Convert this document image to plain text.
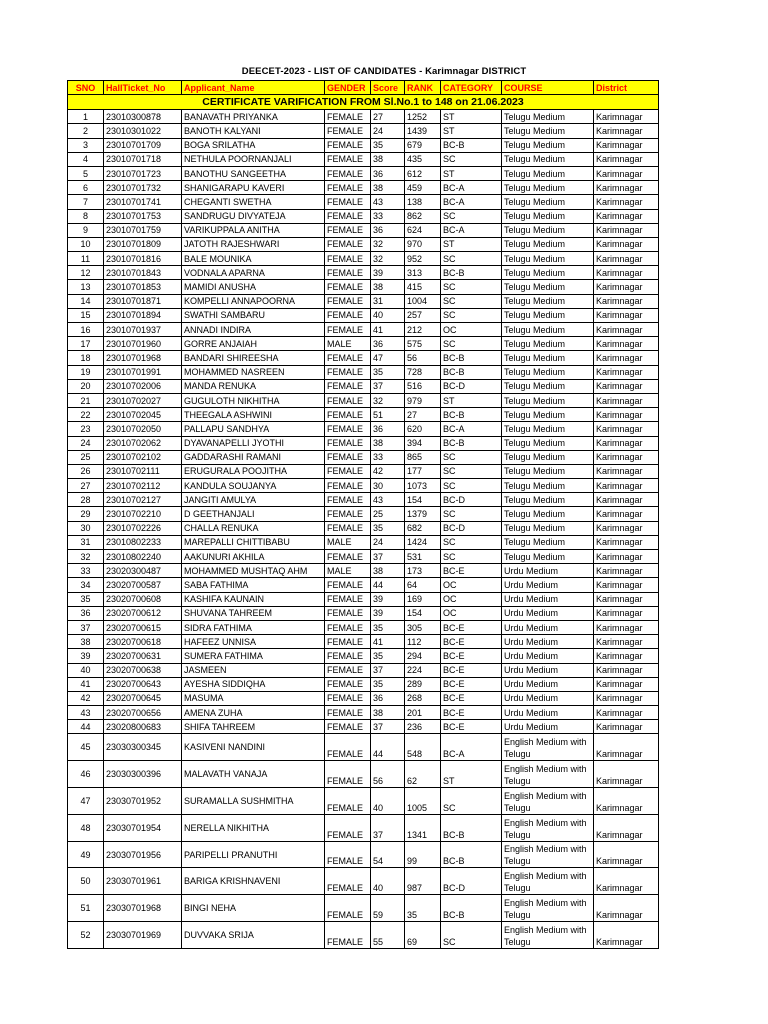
DEECET-2023 - LIST OF CANDIDATES - Karimnagar DISTRICT
SNO	HallTicket_No	Applicant_Name	GENDER	Score	RANK	CATEGORY	COURSE	District
CERTIFICATE VARIFICATION FROM Sl.No.1 to 148 on 21.06.2023								
1	23010300878	BANAVATH PRIYANKA	FEMALE	27	1252	ST	Telugu Medium	Karimnagar
2	23010301022	BANOTH KALYANI	FEMALE	24	1439	ST	Telugu Medium	Karimnagar
3	23010701709	BOGA SRILATHA	FEMALE	35	679	BC-B	Telugu Medium	Karimnagar
4	23010701718	NETHULA POORNANJALI	FEMALE	38	435	SC	Telugu Medium	Karimnagar
5	23010701723	BANOTHU SANGEETHA	FEMALE	36	612	ST	Telugu Medium	Karimnagar
6	23010701732	SHANIGARAPU KAVERI	FEMALE	38	459	BC-A	Telugu Medium	Karimnagar
7	23010701741	CHEGANTI SWETHA	FEMALE	43	138	BC-A	Telugu Medium	Karimnagar
8	23010701753	SANDRUGU DIVYATEJA	FEMALE	33	862	SC	Telugu Medium	Karimnagar
9	23010701759	VARIKUPPALA ANITHA	FEMALE	36	624	BC-A	Telugu Medium	Karimnagar
10	23010701809	JATOTH RAJESHWARI	FEMALE	32	970	ST	Telugu Medium	Karimnagar
11	23010701816	BALE MOUNIKA	FEMALE	32	952	SC	Telugu Medium	Karimnagar
12	23010701843	VODNALA APARNA	FEMALE	39	313	BC-B	Telugu Medium	Karimnagar
13	23010701853	MAMIDI ANUSHA	FEMALE	38	415	SC	Telugu Medium	Karimnagar
14	23010701871	KOMPELLI ANNAPOORNA	FEMALE	31	1004	SC	Telugu Medium	Karimnagar
15	23010701894	SWATHI SAMBARU	FEMALE	40	257	SC	Telugu Medium	Karimnagar
16	23010701937	ANNADI INDIRA	FEMALE	41	212	OC	Telugu Medium	Karimnagar
17	23010701960	GORRE ANJAIAH	MALE	36	575	SC	Telugu Medium	Karimnagar
18	23010701968	BANDARI SHIREESHA	FEMALE	47	56	BC-B	Telugu Medium	Karimnagar
19	23010701991	MOHAMMED NASREEN	FEMALE	35	728	BC-B	Telugu Medium	Karimnagar
20	23010702006	MANDA RENUKA	FEMALE	37	516	BC-D	Telugu Medium	Karimnagar
21	23010702027	GUGULOTH NIKHITHA	FEMALE	32	979	ST	Telugu Medium	Karimnagar
22	23010702045	THEEGALA ASHWINI	FEMALE	51	27	BC-B	Telugu Medium	Karimnagar
23	23010702050	PALLAPU SANDHYA	FEMALE	36	620	BC-A	Telugu Medium	Karimnagar
24	23010702062	DYAVANAPELLI JYOTHI	FEMALE	38	394	BC-B	Telugu Medium	Karimnagar
25	23010702102	GADDARASHI RAMANI	FEMALE	33	865	SC	Telugu Medium	Karimnagar
26	23010702111	ERUGURALA POOJITHA	FEMALE	42	177	SC	Telugu Medium	Karimnagar
27	23010702112	KANDULA SOUJANYA	FEMALE	30	1073	SC	Telugu Medium	Karimnagar
28	23010702127	JANGITI AMULYA	FEMALE	43	154	BC-D	Telugu Medium	Karimnagar
29	23010702210	D GEETHANJALI	FEMALE	25	1379	SC	Telugu Medium	Karimnagar
30	23010702226	CHALLA RENUKA	FEMALE	35	682	BC-D	Telugu Medium	Karimnagar
31	23010802233	MAREPALLI CHITTIBABU	MALE	24	1424	SC	Telugu Medium	Karimnagar
32	23010802240	AAKUNURI AKHILA	FEMALE	37	531	SC	Telugu Medium	Karimnagar
33	23020300487	MOHAMMED MUSHTAQ AHM	MALE	38	173	BC-E	Urdu Medium	Karimnagar
34	23020700587	SABA FATHIMA	FEMALE	44	64	OC	Urdu Medium	Karimnagar
35	23020700608	KASHIFA KAUNAIN	FEMALE	39	169	OC	Urdu Medium	Karimnagar
36	23020700612	SHUVANA TAHREEM	FEMALE	39	154	OC	Urdu Medium	Karimnagar
37	23020700615	SIDRA FATHIMA	FEMALE	35	305	BC-E	Urdu Medium	Karimnagar
38	23020700618	HAFEEZ UNNISA	FEMALE	41	112	BC-E	Urdu Medium	Karimnagar
39	23020700631	SUMERA FATHIMA	FEMALE	35	294	BC-E	Urdu Medium	Karimnagar
40	23020700638	JASMEEN	FEMALE	37	224	BC-E	Urdu Medium	Karimnagar
41	23020700643	AYESHA SIDDIQHA	FEMALE	35	289	BC-E	Urdu Medium	Karimnagar
42	23020700645	MASUMA	FEMALE	36	268	BC-E	Urdu Medium	Karimnagar
43	23020700656	AMENA ZUHA	FEMALE	38	201	BC-E	Urdu Medium	Karimnagar
44	23020800683	SHIFA TAHREEM	FEMALE	37	236	BC-E	Urdu Medium	Karimnagar
45	23030300345	KASIVENI NANDINI	FEMALE	44	548	BC-A	English Medium with Telugu	Karimnagar
46	23030300396	MALAVATH VANAJA	FEMALE	56	62	ST	English Medium with Telugu	Karimnagar
47	23030701952	SURAMALLA SUSHMITHA	FEMALE	40	1005	SC	English Medium with Telugu	Karimnagar
48	23030701954	NERELLA NIKHITHA	FEMALE	37	1341	BC-B	English Medium with Telugu	Karimnagar
49	23030701956	PARIPELLI PRANUTHI	FEMALE	54	99	BC-B	English Medium with Telugu	Karimnagar
50	23030701961	BARIGA KRISHNAVENI	FEMALE	40	987	BC-D	English Medium with Telugu	Karimnagar
51	23030701968	BINGI NEHA	FEMALE	59	35	BC-B	English Medium with Telugu	Karimnagar
52	23030701969	DUVVAKA SRIJA	FEMALE	55	69	SC	English Medium with Telugu	Karimnagar
